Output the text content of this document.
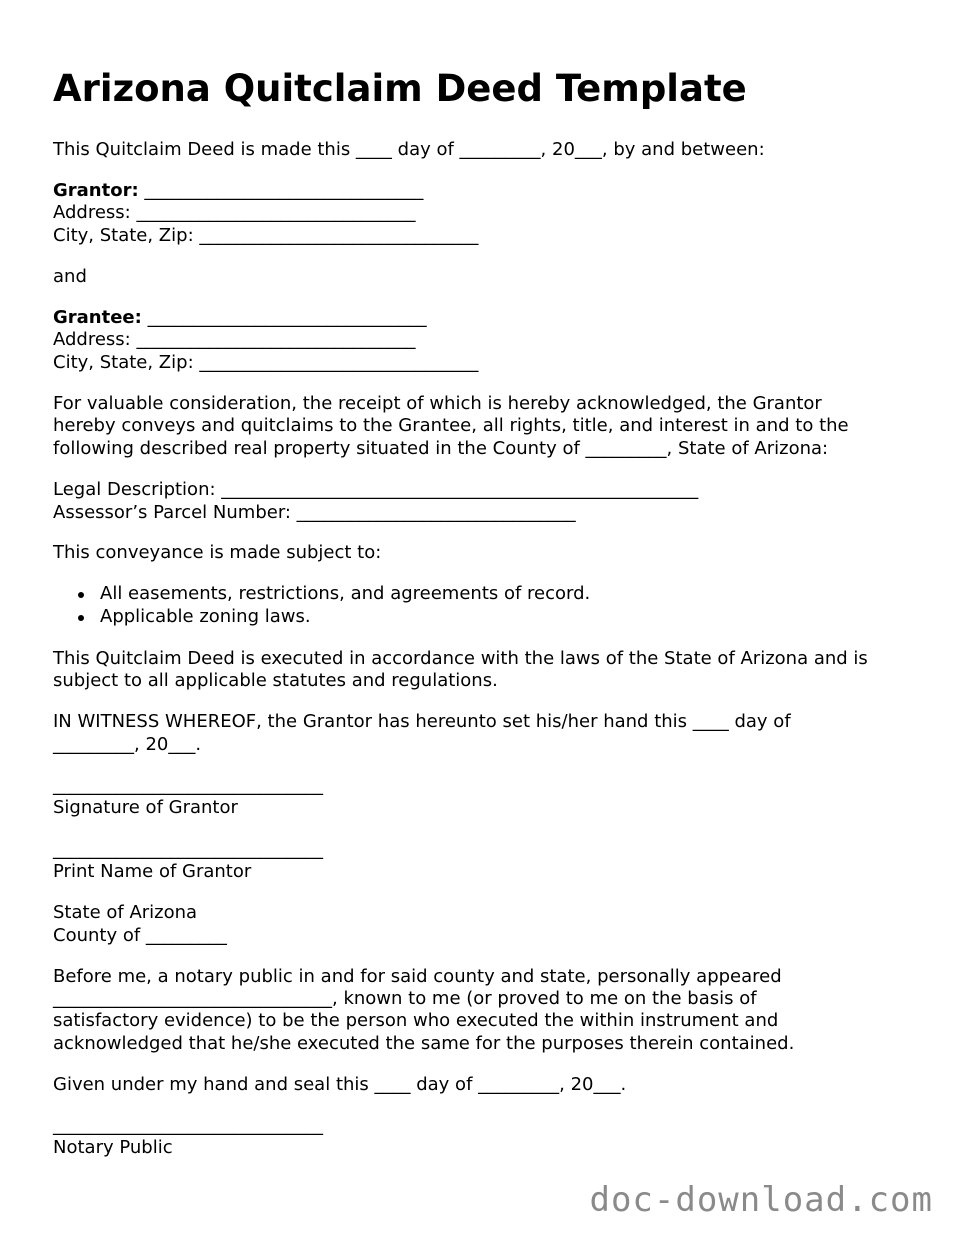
Arizona Quitclaim Deed Template
This Quitclaim Deed is made this ____ day of _________, 20___, by and between:
Grantor: _______________________________
Address: _______________________________
City, State, Zip: _______________________________
and
Grantee: _______________________________
Address: _______________________________
City, State, Zip: _______________________________
For valuable consideration, the receipt of which is hereby acknowledged, the Grantor
hereby conveys and quitclaims to the Grantee, all rights, title, and interest in and to the
following described real property situated in the County of _________, State of Arizona:
Legal Description: _____________________________________________________
Assessor’s Parcel Number: _______________________________
This conveyance is made subject to:
All easements, restrictions, and agreements of record.
Applicable zoning laws.
This Quitclaim Deed is executed in accordance with the laws of the State of Arizona and is
subject to all applicable statutes and regulations.
IN WITNESS WHEREOF, the Grantor has hereunto set his/her hand this ____ day of
_________, 20___.
______________________________
Signature of Grantor
______________________________
Print Name of Grantor
State of Arizona
County of _________
Before me, a notary public in and for said county and state, personally appeared
_______________________________, known to me (or proved to me on the basis of
satisfactory evidence) to be the person who executed the within instrument and
acknowledged that he/she executed the same for the purposes therein contained.
Given under my hand and seal this ____ day of _________, 20___.
______________________________
Notary Public
doc-download.com
